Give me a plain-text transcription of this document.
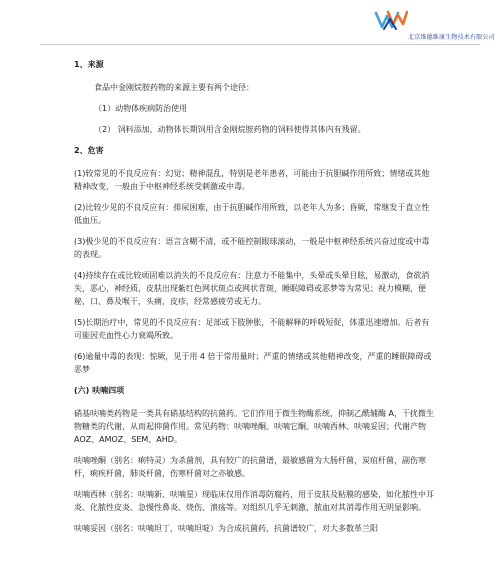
北京维德维康生物技术有限公司
1、来源
食品中金刚烷胺药物的来源主要有两个途径：
（1）动物体疾病防治使用
（2） 饲料添加，动物体长期饲用含金刚烷胺药物的饲料使得其体内有残留。
2、危害
(1)较常见的不良反应有：幻觉；精神混乱，特别是老年患者，可能由于抗胆碱作用所致；情绪或其他精神改变，一般由于中枢神经系统受刺激或中毒。
(2)比较少见的不良反应有：排尿困难，由于抗胆碱作用所致，以老年人为多；昏厥，常继发于直立性低血压。
(3)极少见的不良反应有：语言含糊不清，或不能控制眼球滚动，一般是中枢神经系统兴奋过度或中毒的表现。
(4)持续存在或比较顽固难以消失的不良反应有：注意力不能集中，头晕或头晕目眩，易激动，食欲消失，恶心，神经质，皮肤出现紫红色网状斑点或网状青斑，睡眠障碍或恶梦等为常见；视力模糊，便秘，口、鼻及喉干，头痛，皮疹，经常感疲劳或无力。
(5)长期治疗中，常见的不良反应有：足部或下肢肿胀，不能解释的呼吸短促，体重迅速增加。后者有可能因充血性心力衰竭所致。
(6)逾量中毒的表现：惊厥，见于用 4 倍于常用量时；严重的情绪或其他精神改变，严重的睡眠障碍或恶梦
(六) 呋喃四项
硝基呋喃类药物是一类具有硝基结构的抗菌药。它们作用于微生物酶系统，抑制乙酰辅酶 A，干扰微生物糖类的代谢，从而起抑菌作用。常见药物：呋喃唑酮、呋喃它酮、呋喃西林、呋喃妥因；代谢产物 AOZ、AMOZ、SEM、AHD。
呋喃唑酮（别名：痢特灵）为杀菌剂，具有较广的抗菌谱，最敏感菌为大肠杆菌，炭疽杆菌，副伤寒杆，痢疾杆菌，肺炎杆菌，伤寒杆菌对之亦敏感。
呋喃西林（别名：呋喃新、呋喃星）现临床仅用作消毒防腐药，用于皮肤及粘膜的感染，如化脓性中耳炎、化脓性皮炎、急慢性鼻炎、烧伤、溃疡等。对组织几乎无刺激，脓血对其消毒作用无明显影响。
呋喃妥因（别名：呋喃坦丁，呋喃坦啶）为合成抗菌药，抗菌谱较广，对大多数革兰阳
